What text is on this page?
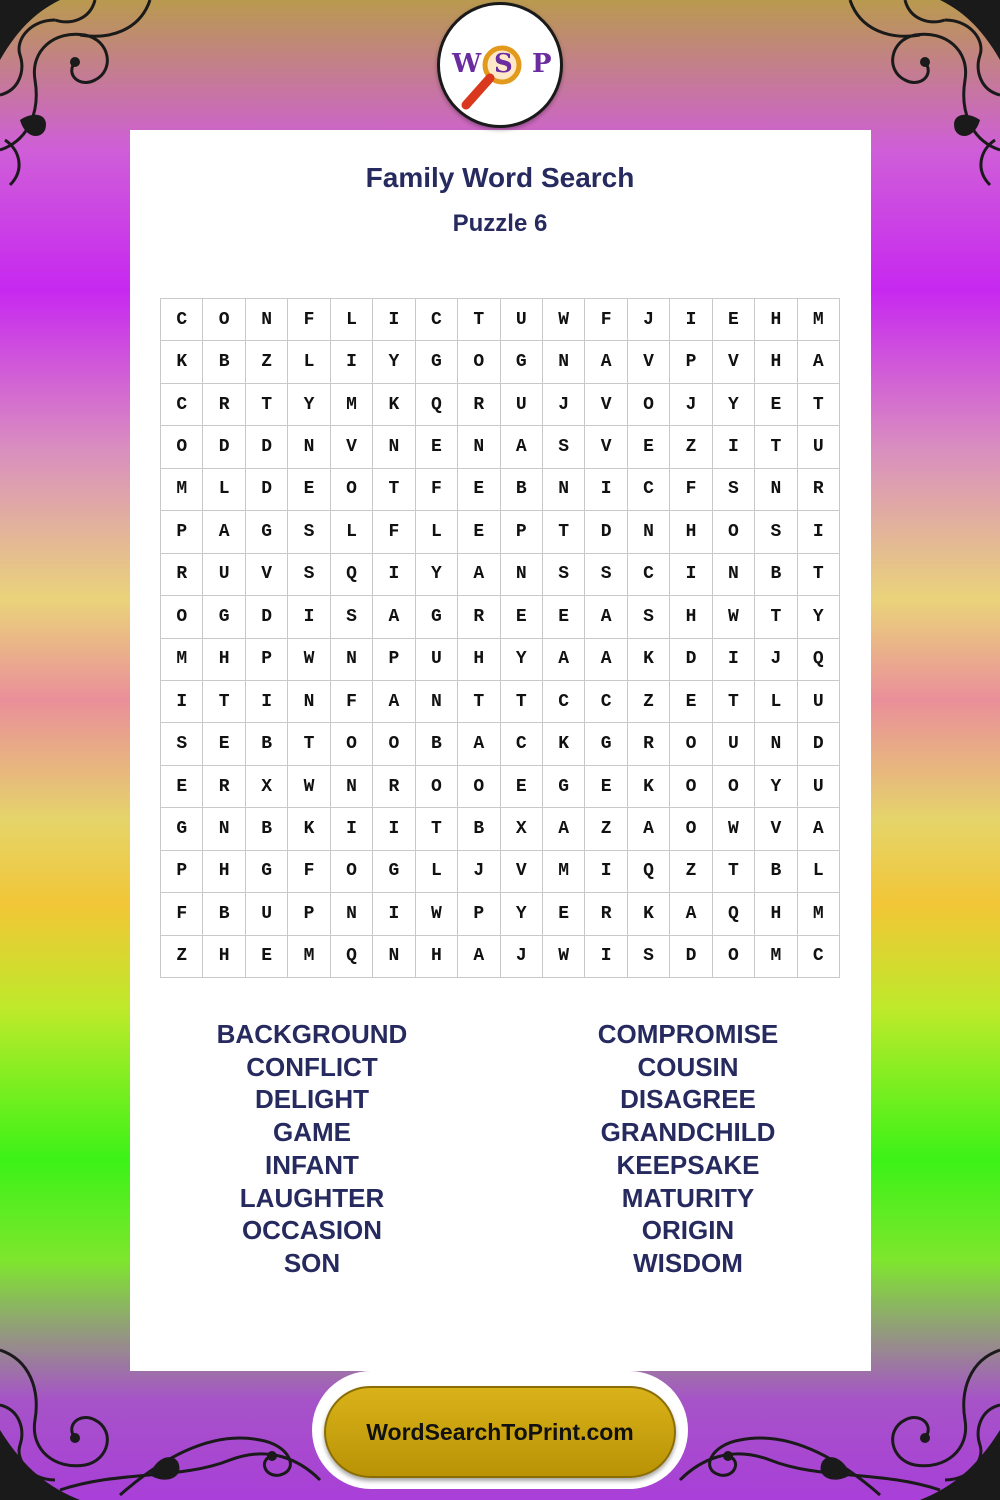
W S P
Family Word Search
Puzzle 6
C	O	N	F	L	I	C	T	U	W	F	J	I	E	H	M
K	B	Z	L	I	Y	G	O	G	N	A	V	P	V	H	A
C	R	T	Y	M	K	Q	R	U	J	V	O	J	Y	E	T
O	D	D	N	V	N	E	N	A	S	V	E	Z	I	T	U
M	L	D	E	O	T	F	E	B	N	I	C	F	S	N	R
P	A	G	S	L	F	L	E	P	T	D	N	H	O	S	I
R	U	V	S	Q	I	Y	A	N	S	S	C	I	N	B	T
O	G	D	I	S	A	G	R	E	E	A	S	H	W	T	Y
M	H	P	W	N	P	U	H	Y	A	A	K	D	I	J	Q
I	T	I	N	F	A	N	T	T	C	C	Z	E	T	L	U
S	E	B	T	O	O	B	A	C	K	G	R	O	U	N	D
E	R	X	W	N	R	O	O	E	G	E	K	O	O	Y	U
G	N	B	K	I	I	T	B	X	A	Z	A	O	W	V	A
P	H	G	F	O	G	L	J	V	M	I	Q	Z	T	B	L
F	B	U	P	N	I	W	P	Y	E	R	K	A	Q	H	M
Z	H	E	M	Q	N	H	A	J	W	I	S	D	O	M	C
BACKGROUND
CONFLICT
DELIGHT
GAME
INFANT
LAUGHTER
OCCASION
SON
COMPROMISE
COUSIN
DISAGREE
GRANDCHILD
KEEPSAKE
MATURITY
ORIGIN
WISDOM
WordSearchToPrint.com
